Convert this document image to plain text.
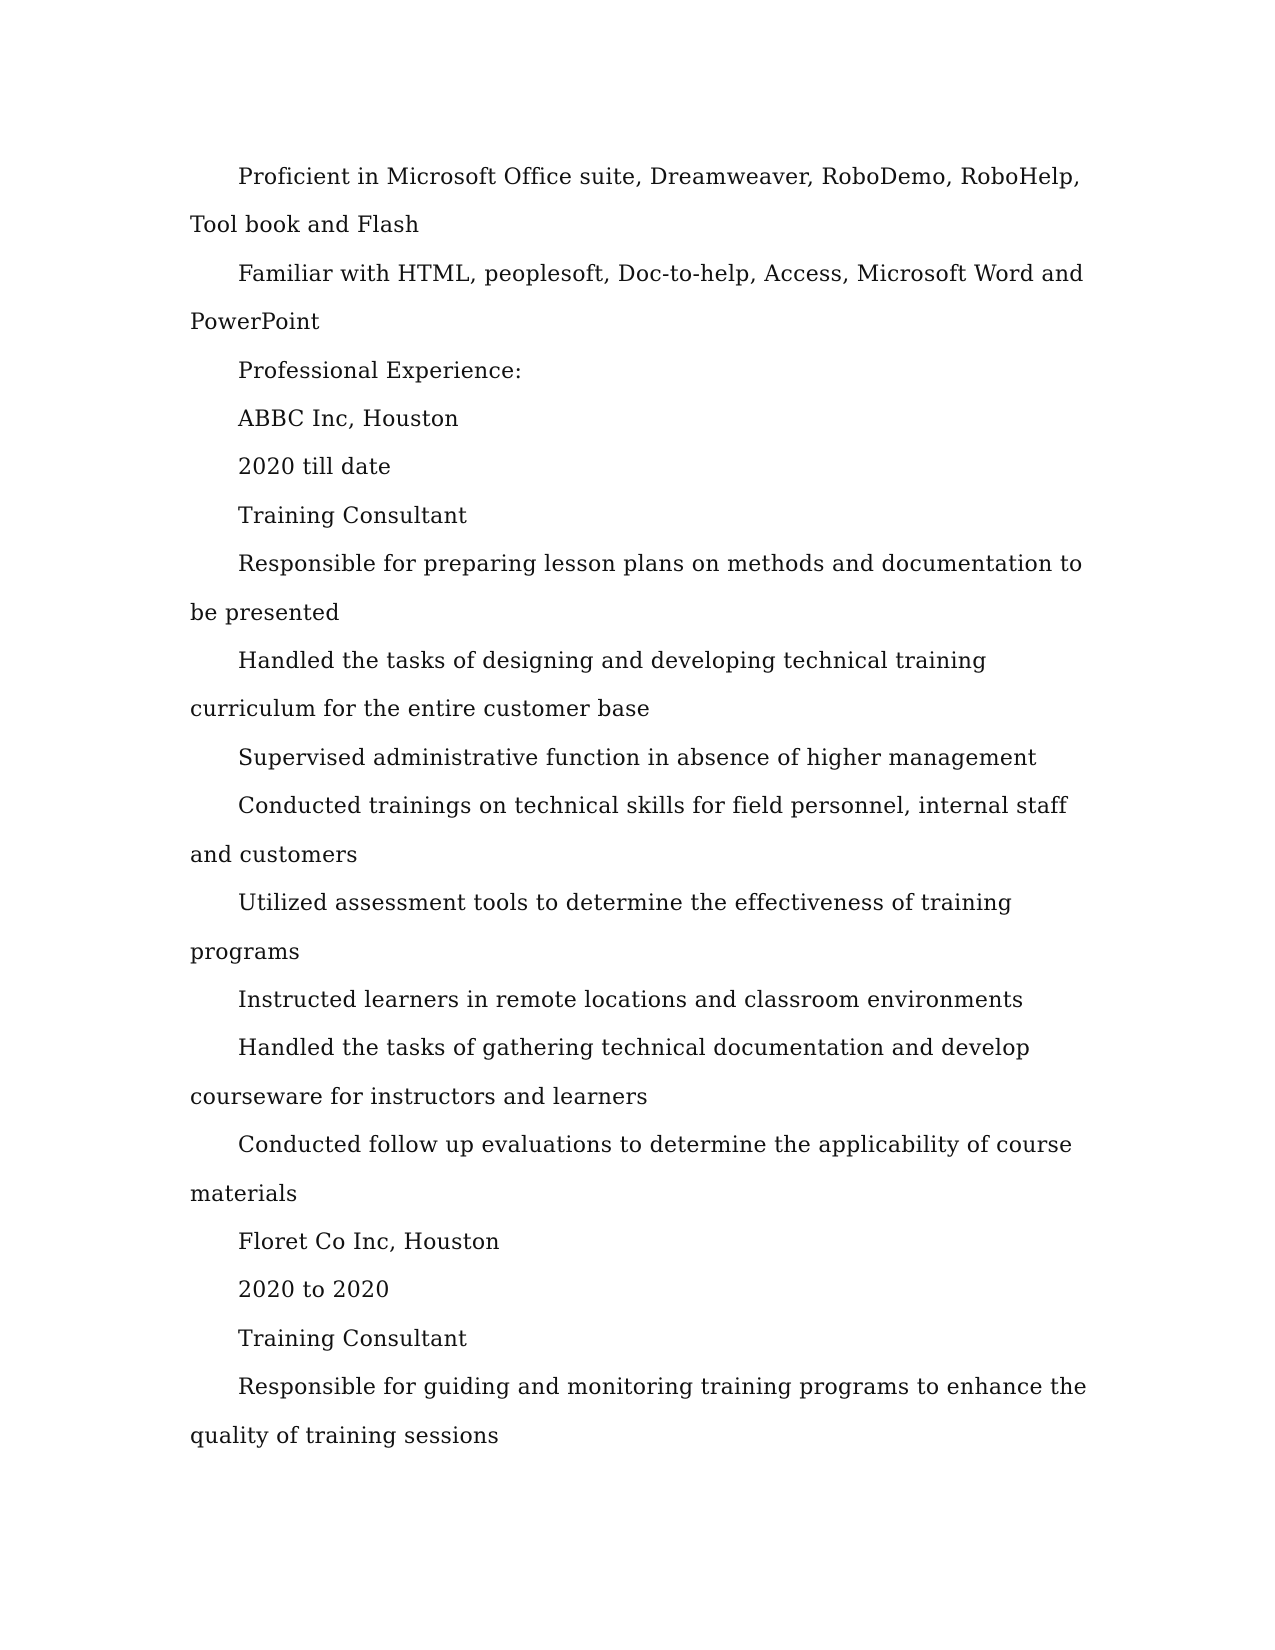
Proficient in Microsoft Office suite, Dreamweaver, RoboDemo, RoboHelp, Tool book and Flash

Familiar with HTML, peoplesoft, Doc-to-help, Access, Microsoft Word and PowerPoint

Professional Experience:

ABBC Inc, Houston

2020 till date

Training Consultant

Responsible for preparing lesson plans on methods and documentation to be presented

Handled the tasks of designing and developing technical training curriculum for the entire customer base

Supervised administrative function in absence of higher management

Conducted trainings on technical skills for field personnel, internal staff and customers

Utilized assessment tools to determine the effectiveness of training programs

Instructed learners in remote locations and classroom environments

Handled the tasks of gathering technical documentation and develop courseware for instructors and learners

Conducted follow up evaluations to determine the applicability of course materials

Floret Co Inc, Houston

2020 to 2020

Training Consultant

Responsible for guiding and monitoring training programs to enhance the quality of training sessions
